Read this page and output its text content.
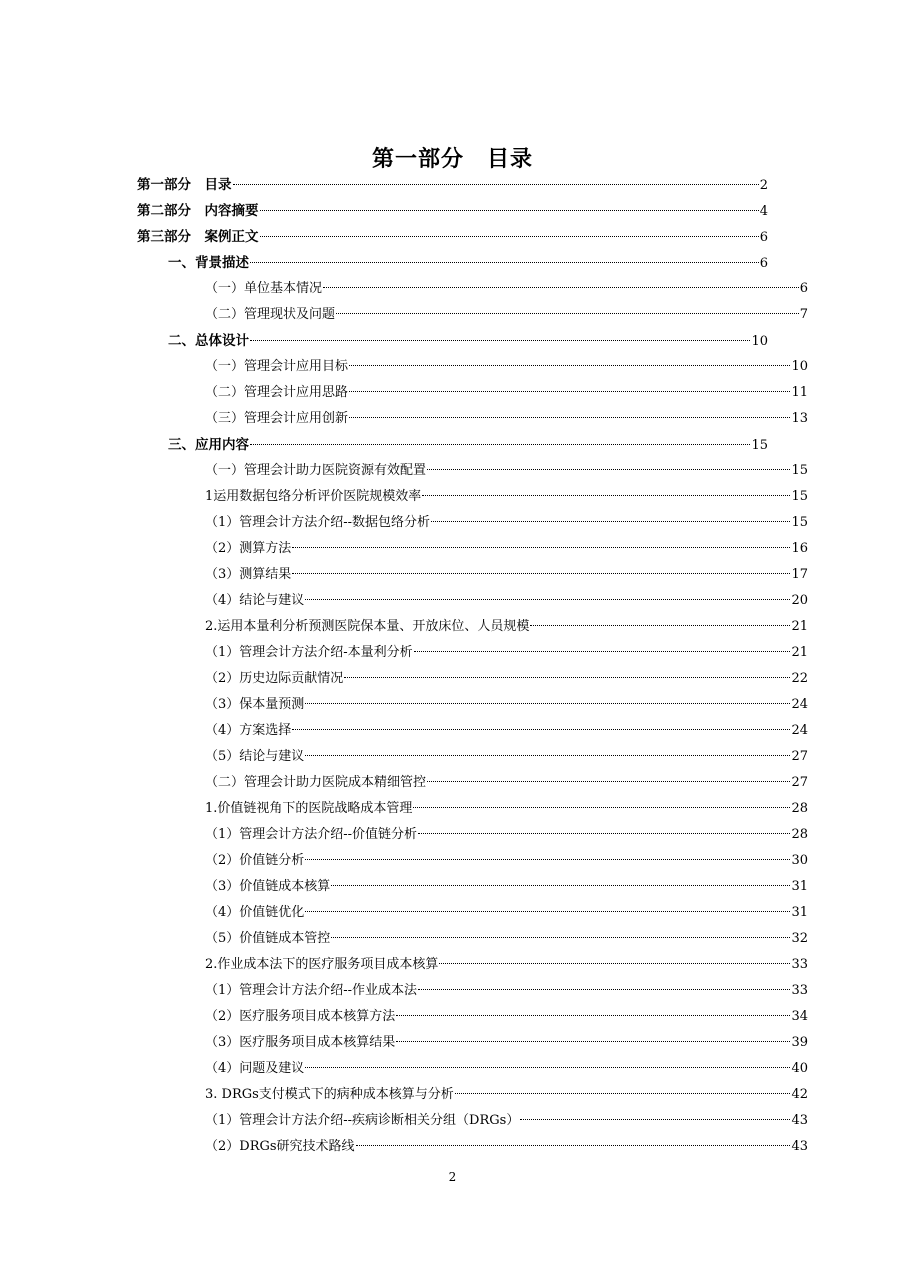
第一部分　目录
第一部分　目录	2
第二部分　内容摘要	4
第三部分　案例正文	6
一、背景描述	6
（一）单位基本情况	6
（二）管理现状及问题	7
二、总体设计	10
（一）管理会计应用目标	10
（二）管理会计应用思路	11
（三）管理会计应用创新	13
三、应用内容	15
（一）管理会计助力医院资源有效配置	15
1运用数据包络分析评价医院规模效率	15
（1）管理会计方法介绍--数据包络分析	15
（2）测算方法	16
（3）测算结果	17
（4）结论与建议	20
2.运用本量利分析预测医院保本量、开放床位、人员规模	21
（1）管理会计方法介绍-本量利分析	21
（2）历史边际贡献情况	22
（3）保本量预测	24
（4）方案选择	24
（5）结论与建议	27
（二）管理会计助力医院成本精细管控	27
1.价值链视角下的医院战略成本管理	28
（1）管理会计方法介绍--价值链分析	28
（2）价值链分析	30
（3）价值链成本核算	31
（4）价值链优化	31
（5）价值链成本管控	32
2.作业成本法下的医疗服务项目成本核算	33
（1）管理会计方法介绍--作业成本法	33
（2）医疗服务项目成本核算方法	34
（3）医疗服务项目成本核算结果	39
（4）问题及建议	40
3. DRGs支付模式下的病种成本核算与分析	42
（1）管理会计方法介绍--疾病诊断相关分组（DRGs）	43
（2）DRGs研究技术路线	43
2
